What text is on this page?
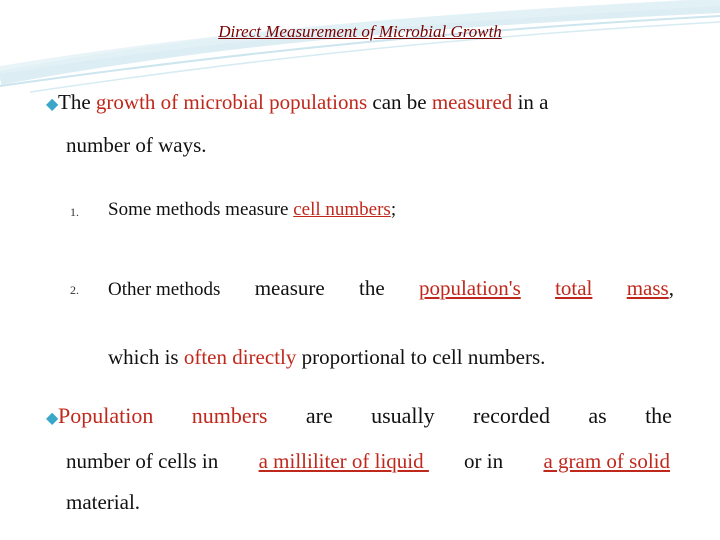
Direct Measurement of Microbial Growth
◆The growth of microbial populations can be measured in a
number of ways.
1. Some methods measure cell numbers;
2. Other methods measure the population's total mass,
which is often directly proportional to cell numbers.
◆Population numbers are usually recorded as the
number of cells in a milliliter of liquid or in a gram of solid
material.
